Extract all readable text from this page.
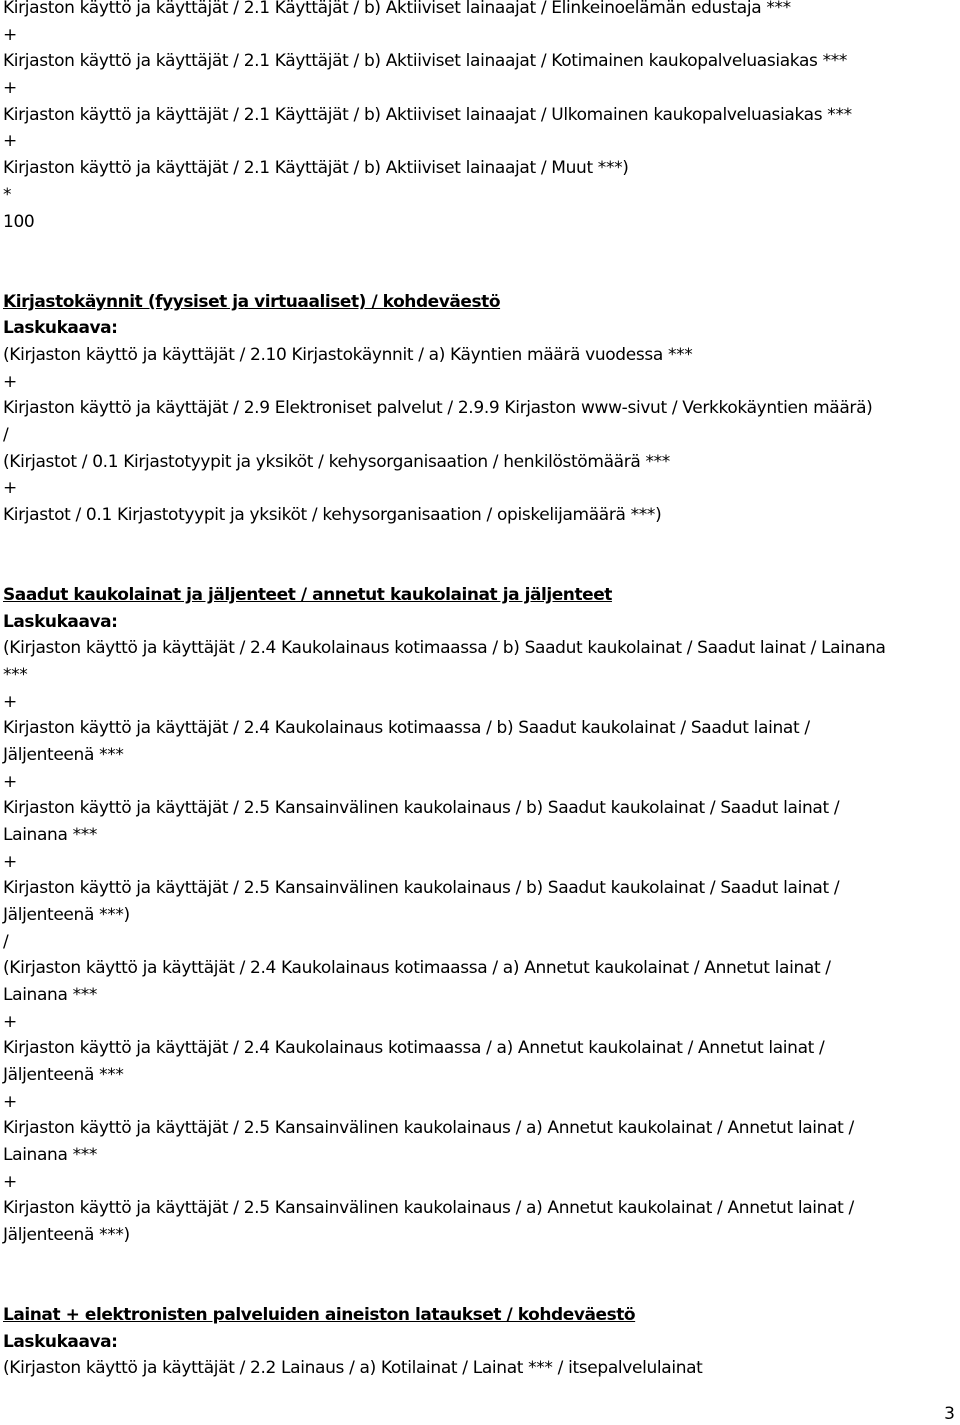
Kirjaston käyttö ja käyttäjät / 2.1 Käyttäjät / b) Aktiiviset lainaajat / Elinkeinoelämän edustaja ***

+

Kirjaston käyttö ja käyttäjät / 2.1 Käyttäjät / b) Aktiiviset lainaajat / Kotimainen kaukopalveluasiakas ***

+

Kirjaston käyttö ja käyttäjät / 2.1 Käyttäjät / b) Aktiiviset lainaajat / Ulkomainen kaukopalveluasiakas ***

+

Kirjaston käyttö ja käyttäjät / 2.1 Käyttäjät / b) Aktiiviset lainaajat / Muut ***)

*

100

Kirjastokäynnit (fyysiset ja virtuaaliset) / kohdeväestö

Laskukaava:

(Kirjaston käyttö ja käyttäjät / 2.10 Kirjastokäynnit / a) Käyntien määrä vuodessa ***

+

Kirjaston käyttö ja käyttäjät / 2.9 Elektroniset palvelut / 2.9.9 Kirjaston www-sivut / Verkkokäyntien määrä)

/

(Kirjastot / 0.1 Kirjastotyypit ja yksiköt / kehysorganisaation / henkilöstömäärä ***

+

Kirjastot / 0.1 Kirjastotyypit ja yksiköt / kehysorganisaation / opiskelijamäärä ***)

Saadut kaukolainat ja jäljenteet / annetut kaukolainat ja jäljenteet

Laskukaava:

(Kirjaston käyttö ja käyttäjät / 2.4 Kaukolainaus kotimaassa / b) Saadut kaukolainat / Saadut lainat / Lainana

***

+

Kirjaston käyttö ja käyttäjät / 2.4 Kaukolainaus kotimaassa / b) Saadut kaukolainat / Saadut lainat /

Jäljenteenä ***

+

Kirjaston käyttö ja käyttäjät / 2.5 Kansainvälinen kaukolainaus / b) Saadut kaukolainat / Saadut lainat /

Lainana ***

+

Kirjaston käyttö ja käyttäjät / 2.5 Kansainvälinen kaukolainaus / b) Saadut kaukolainat / Saadut lainat /

Jäljenteenä ***)

/

(Kirjaston käyttö ja käyttäjät / 2.4 Kaukolainaus kotimaassa / a) Annetut kaukolainat / Annetut lainat /

Lainana ***

+

Kirjaston käyttö ja käyttäjät / 2.4 Kaukolainaus kotimaassa / a) Annetut kaukolainat / Annetut lainat /

Jäljenteenä ***

+

Kirjaston käyttö ja käyttäjät / 2.5 Kansainvälinen kaukolainaus / a) Annetut kaukolainat / Annetut lainat /

Lainana ***

+

Kirjaston käyttö ja käyttäjät / 2.5 Kansainvälinen kaukolainaus / a) Annetut kaukolainat / Annetut lainat /

Jäljenteenä ***)

Lainat + elektronisten palveluiden aineiston lataukset / kohdeväestö

Laskukaava:

(Kirjaston käyttö ja käyttäjät / 2.2 Lainaus / a) Kotilainat / Lainat *** / itsepalvelulainat

3
